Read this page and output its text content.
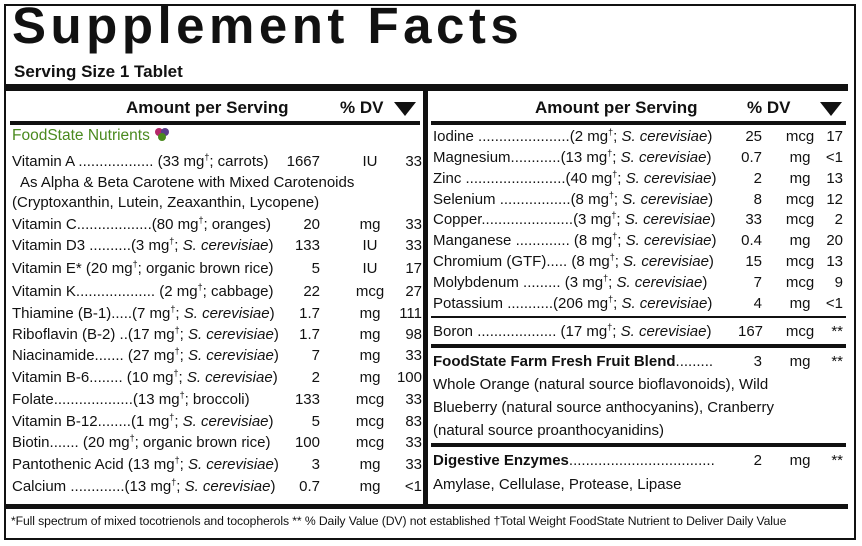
Supplement Facts
Serving Size 1 Tablet
Amount per Serving	% DV	Amount per Serving	% DV
FoodState Nutrients
Vitamin A .................. (33 mg†; carrots)	1667	IU	33
Vitamin C..................(80 mg†; oranges)	20	mg	33
Vitamin D3 ..........(3 mg†; S. cerevisiae)	133	IU	33
Vitamin E* (20 mg†; organic brown rice)	5	IU	17
Vitamin K................... (2 mg†; cabbage)	22 mcg	27
Thiamine (B-1).....(7 mg†; S. cerevisiae)	1.7	mg	111
Riboflavin (B-2) ..(17 mg†; S. cerevisiae)	1.7	mg	98
Niacinamide....... (27 mg†; S. cerevisiae)	7	mg	33
Vitamin B-6........ (10 mg†; S. cerevisiae)	2	mg	100
Folate...................(13 mg†; broccoli)	133 mcg	33
Vitamin B-12........(1 mg†; S. cerevisiae)	5 mcg	83
Biotin....... (20 mg†; organic brown rice)	100 mcg	33
Pantothenic Acid (13 mg†; S. cerevisiae)	3	mg	33
Calcium .............(13 mg†; S. cerevisiae)	0.7	mg	<1
As Alpha & Beta Carotene with Mixed Carotenoids
(Cryptoxanthin, Lutein, Zeaxanthin, Lycopene)
Iodine ......................(2 mg†; S. cerevisiae)	25	mcg 17
Magnesium............(13 mg†; S. cerevisiae) 0.7	mg	<1
Zinc ........................(40 mg†; S. cerevisiae)	2	mg	13
Selenium .................(8 mg†; S. cerevisiae)	8	mcg 12
Copper......................(3 mg†; S. cerevisiae)	33	mcg	2
Manganese ............. (8 mg†; S. cerevisiae) 0.4	mg	20
Chromium (GTF)..... (8 mg†; S. cerevisiae)	15	mcg 13
Molybdenum ......... (3 mg†; S. cerevisiae)	7	mcg	9
Potassium ...........(206 mg†; S. cerevisiae)	4	mg	<1
Boron ................... (17 mg†; S. cerevisiae) 167	mcg	**
FoodState Farm Fresh Fruit Blend.........	3	mg	**
Whole Orange (natural source bioflavonoids), Wild
Blueberry (natural source anthocyanins), Cranberry
(natural source proanthocyanidins)
Digestive Enzymes...................................	2	mg	**
Amylase, Cellulase, Protease, Lipase
*Full spectrum of mixed tocotrienols and tocopherols ** % Daily Value (DV) not established †Total Weight FoodState Nutrient to Deliver Daily Value
